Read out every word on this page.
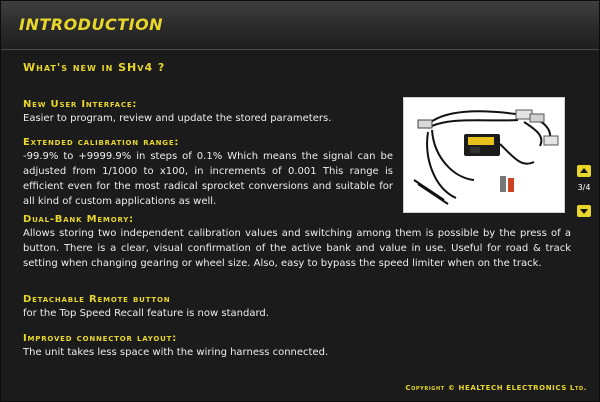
INTRODUCTION
What's new in SHv4 ?
New User Interface:
Easier to program, review and update the stored parameters.
Extended calibration range:
-99.9% to +9999.9% in steps of 0.1% Which means the signal can be adjusted from 1/1000 to x100, in increments of 0.001 This range is efficient even for the most radical sprocket conversions and suitable for all kind of custom applications as well.
Dual-Bank Memory:
Allows storing two independent calibration values and switching among them is possible by the press of a button. There is a clear, visual confirmation of the active bank and value in use. Useful for road & track setting when changing gearing or wheel size. Also, easy to bypass the speed limiter when on the track.
Detachable Remote button
for the Top Speed Recall feature is now standard.
Improved connector layout:
The unit takes less space with the wiring harness connected.
3/4
Copyright © HEALTECH ELECTRONICS Ltd.
